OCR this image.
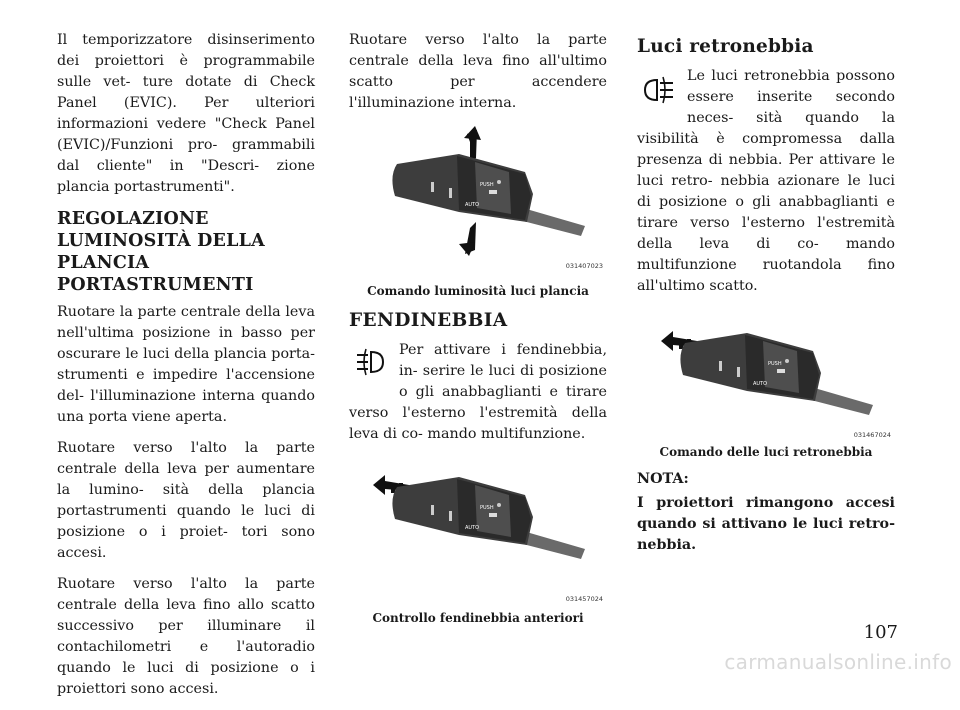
Il temporizzatore disinserimento dei proiettori è programmabile sulle vet- ture dotate di Check Panel (EVIC). Per ulteriori informazioni vedere "Check Panel (EVIC)/Funzioni pro- grammabili dal cliente" in "Descri- zione plancia portastrumenti".

REGOLAZIONE LUMINOSITÀ DELLA PLANCIA PORTASTRUMENTI

Ruotare la parte centrale della leva nell'ultima posizione in basso per oscurare le luci della plancia porta- strumenti e impedire l'accensione del- l'illuminazione interna quando una porta viene aperta.

Ruotare verso l'alto la parte centrale della leva per aumentare la lumino- sità della plancia portastrumenti quando le luci di posizione o i proiet- tori sono accesi.

Ruotare verso l'alto la parte centrale della leva fino allo scatto successivo per illuminare il contachilometri e l'autoradio quando le luci di posizione o i proiettori sono accesi.

Ruotare verso l'alto la parte centrale della leva fino all'ultimo scatto per accendere l'illuminazione interna.

PUSH
AUTO
031407023
Comando luminosità luci plancia
FENDINEBBIA

Per attivare i fendinebbia, in- serire le luci di posizione o gli anabbaglianti e tirare verso l'esterno l'estremità della leva di co- mando multifunzione.

PUSH
AUTO
031457024
Controllo fendinebbia anteriori
Luci retronebbia

Le luci retronebbia possono essere inserite secondo neces- sità quando la visibilità è compromessa dalla presenza di nebbia. Per attivare le luci retro- nebbia azionare le luci di posizione o gli anabbaglianti e tirare verso l'esterno l'estremità della leva di co- mando multifunzione ruotandola fino all'ultimo scatto.

PUSH
AUTO
031467024
Comando delle luci retronebbia
NOTA:
I proiettori rimangono accesi quando si attivano le luci retro- nebbia.
107
carmanualsonline.info
